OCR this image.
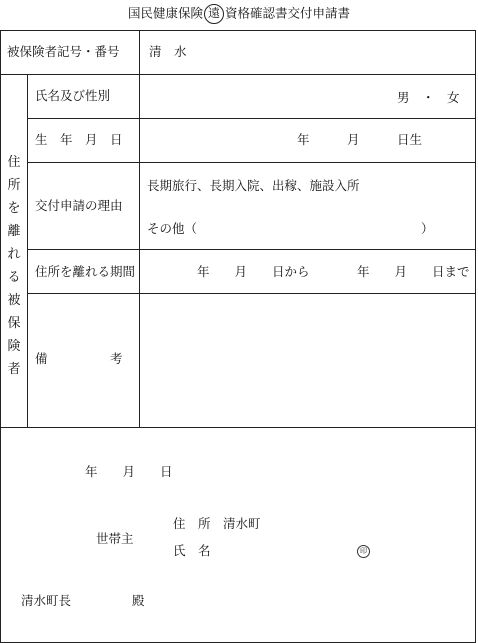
国民健康保険 遠 資格確認書交付申請書
被保険者記号・番号 清　水
住所を離れる被保険者
氏名及び性別	男　・　女
生　年　月　日	年　　　月　　　日生
交付申請の理由
長期旅行、長期入院、出稼、施設入所
その他（	）
住所を離れる期間	年　　月　　日から	年　　月　　日まで
備　　　　　考
年　　月　　日
世帯主
住　所 清水町
氏　名	印
清水町長	殿
